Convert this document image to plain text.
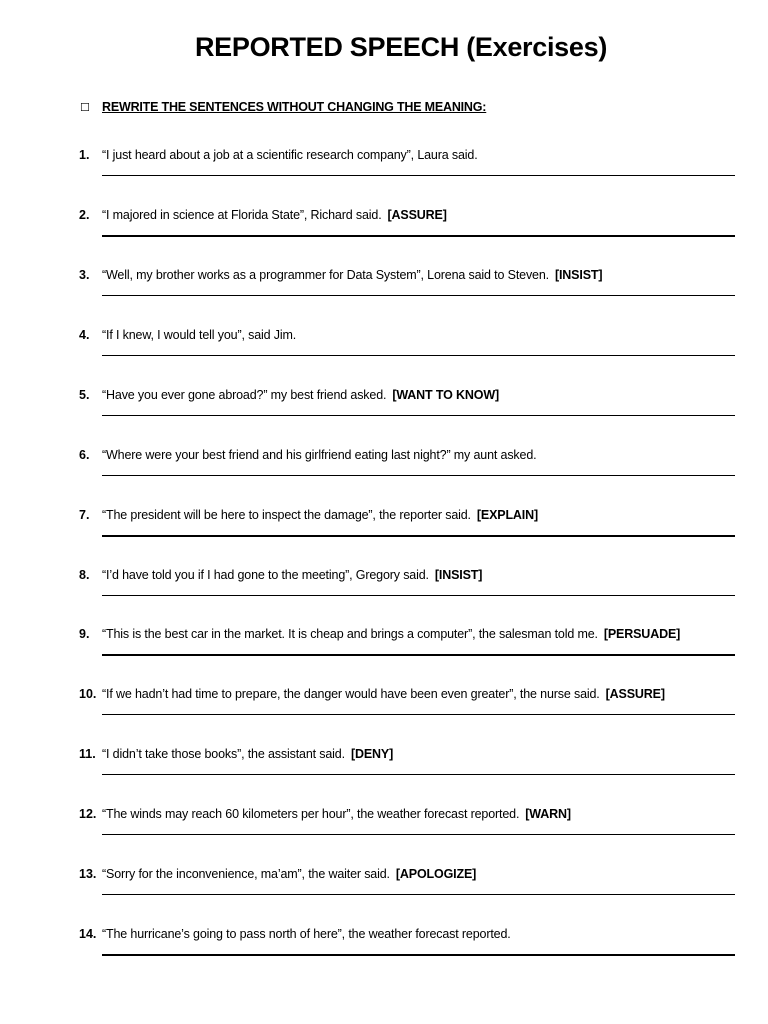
REPORTED SPEECH (Exercises)
☐ REWRITE THE SENTENCES WITHOUT CHANGING THE MEANING:
1. “I just heard about a job at a scientific research company”, Laura said.
2. “I majored in science at Florida State”, Richard said. [ASSURE]
3. “Well, my brother works as a programmer for Data System”, Lorena said to Steven. [INSIST]
4. “If I knew, I would tell you”, said Jim.
5. “Have you ever gone abroad?” my best friend asked. [WANT TO KNOW]
6. “Where were your best friend and his girlfriend eating last night?” my aunt asked.
7. “The president will be here to inspect the damage”, the reporter said. [EXPLAIN]
8. “I’d have told you if I had gone to the meeting”, Gregory said. [INSIST]
9. “This is the best car in the market. It is cheap and brings a computer”, the salesman told me. [PERSUADE]
10. “If we hadn’t had time to prepare, the danger would have been even greater”, the nurse said. [ASSURE]
11. “I didn’t take those books”, the assistant said. [DENY]
12. “The winds may reach 60 kilometers per hour”, the weather forecast reported. [WARN]
13. “Sorry for the inconvenience, ma’am”, the waiter said. [APOLOGIZE]
14. “The hurricane’s going to pass north of here”, the weather forecast reported.
